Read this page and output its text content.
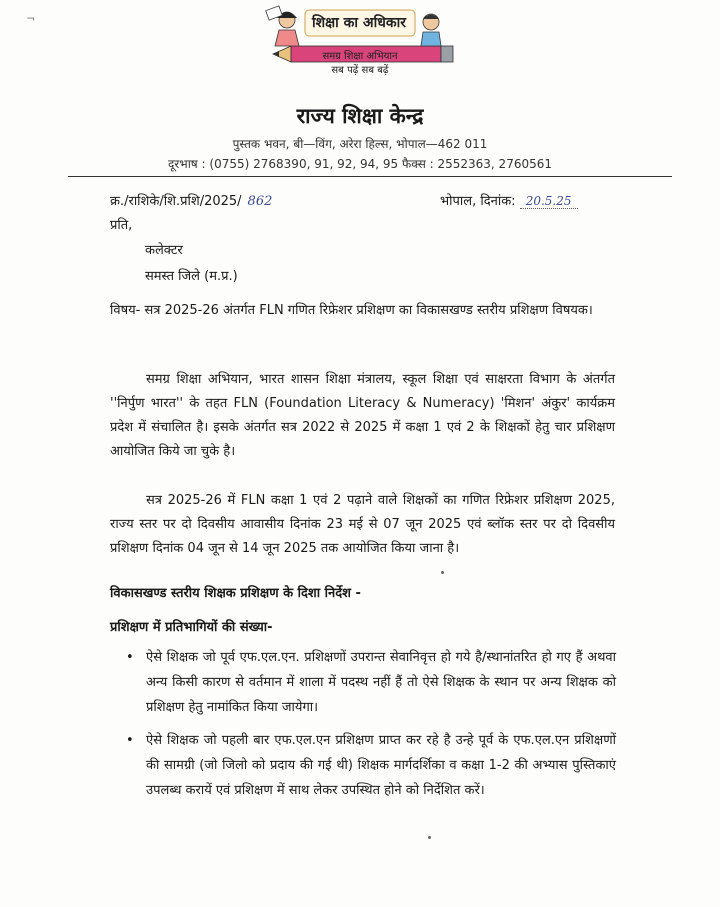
¬	शिक्षा का अधिकार
समग्र शिक्षा अभियान
सब पढ़ें सब बढ़ें
राज्य शिक्षा केन्द्र
पुस्तक भवन, बी—विंग, अरेरा हिल्स, भोपाल—462 011
दूरभाष : (0755) 2768390, 91, 92, 94, 95 फैक्स : 2552363, 2760561
क्र./राशिके/शि.प्रशि/2025/ 862	भोपाल, दिनांक: 20.5.25
प्रति,
कलेक्टर
समस्त जिले (म.प्र.)
विषय- सत्र 2025-26 अंतर्गत FLN गणित रिफ्रेशर प्रशिक्षण का विकासखण्ड स्तरीय प्रशिक्षण विषयक।
समग्र शिक्षा अभियान, भारत शासन शिक्षा मंत्रालय, स्कूल शिक्षा एवं साक्षरता विभाग के अंतर्गत ''निर्पुण भारत'' के तहत FLN (Foundation Literacy & Numeracy) 'मिशन' अंकुर' कार्यक्रम प्रदेश में संचालित है। इसके अंतर्गत सत्र 2022 से 2025 में कक्षा 1 एवं 2 के शिक्षकों हेतु चार प्रशिक्षण आयोजित किये जा चुके है।
सत्र 2025-26 में FLN कक्षा 1 एवं 2 पढ़ाने वाले शिक्षकों का गणित रिफ्रेशर प्रशिक्षण 2025, राज्य स्तर पर दो दिवसीय आवासीय दिनांक 23 मई से 07 जून 2025 एवं ब्लॉक स्तर पर दो दिवसीय प्रशिक्षण दिनांक 04 जून से 14 जून 2025 तक आयोजित किया जाना है।
विकासखण्ड स्तरीय शिक्षक प्रशिक्षण के दिशा निर्देश -
प्रशिक्षण में प्रतिभागियों की संख्या-
• ऐसे शिक्षक जो पूर्व एफ.एल.एन. प्रशिक्षणों उपरान्त सेवानिवृत्त हो गये है/स्थानांतरित हो गए हैं अथवा अन्य किसी कारण से वर्तमान में शाला में पदस्थ नहीं हैं तो ऐसे शिक्षक के स्थान पर अन्य शिक्षक को प्रशिक्षण हेतु नामांकित किया जायेगा।
• ऐसे शिक्षक जो पहली बार एफ.एल.एन प्रशिक्षण प्राप्त कर रहे है उन्हे पूर्व के एफ.एल.एन प्रशिक्षणों की सामग्री (जो जिलो को प्रदाय की गई थी) शिक्षक मार्गदर्शिका व कक्षा 1-2 की अभ्यास पुस्तिकाएं उपलब्ध करायें एवं प्रशिक्षण में साथ लेकर उपस्थित होने को निर्देशित करें।
